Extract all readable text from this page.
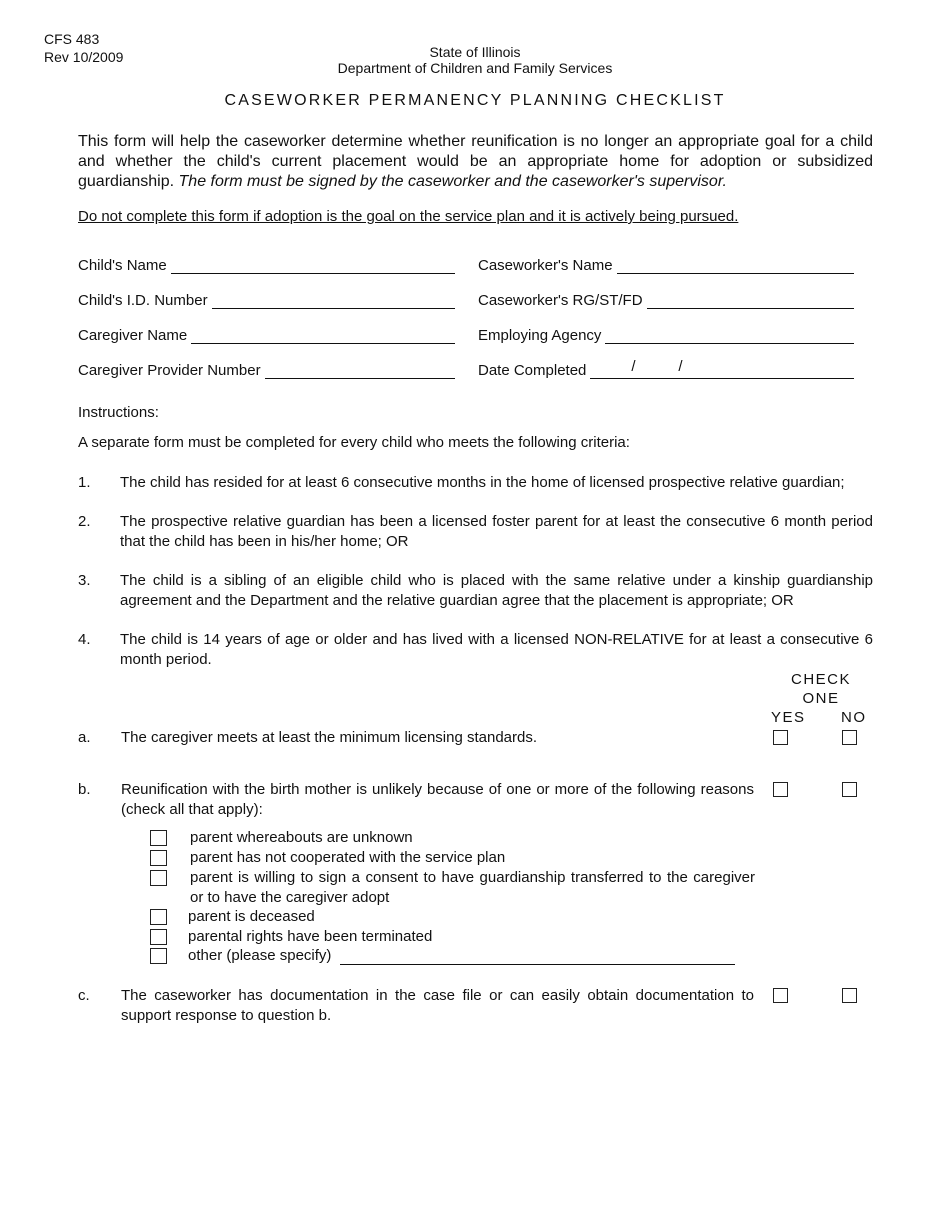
CFS 483
Rev 10/2009	State of Illinois
Department of Children and Family Services
CASEWORKER PERMANENCY PLANNING CHECKLIST
This form will help the caseworker determine whether reunification is no longer an appropriate goal for a child and whether the child's current placement would be an appropriate home for adoption or subsidized guardianship. The form must be signed by the caseworker and the caseworker's supervisor.
Do not complete this form if adoption is the goal on the service plan and it is actively being pursued.
Child's Name	Caseworker's Name
Child's I.D. Number	Caseworker's RG/ST/FD
Caregiver Name	Employing Agency
Caregiver Provider Number	Date Completed	/	/
Instructions:
A separate form must be completed for every child who meets the following criteria:
1. The child has resided for at least 6 consecutive months in the home of licensed prospective relative guardian;
2. The prospective relative guardian has been a licensed foster parent for at least the consecutive 6 month period that the child has been in his/her home; OR
3. The child is a sibling of an eligible child who is placed with the same relative under a kinship guardianship agreement and the Department and the relative guardian agree that the placement is appropriate; OR
4. The child is 14 years of age or older and has lived with a licensed NON-RELATIVE for at least a consecutive 6 month period.
CHECK
ONE
YES NO
a. The caregiver meets at least the minimum licensing standards.
b. Reunification with the birth mother is unlikely because of one or more of the following reasons (check all that apply):
parent whereabouts are unknown
parent has not cooperated with the service plan
parent is willing to sign a consent to have guardianship transferred to the caregiver or to have the caregiver adopt
parent is deceased
parental rights have been terminated
other (please specify)
c. The caseworker has documentation in the case file or can easily obtain documentation to support response to question b.
